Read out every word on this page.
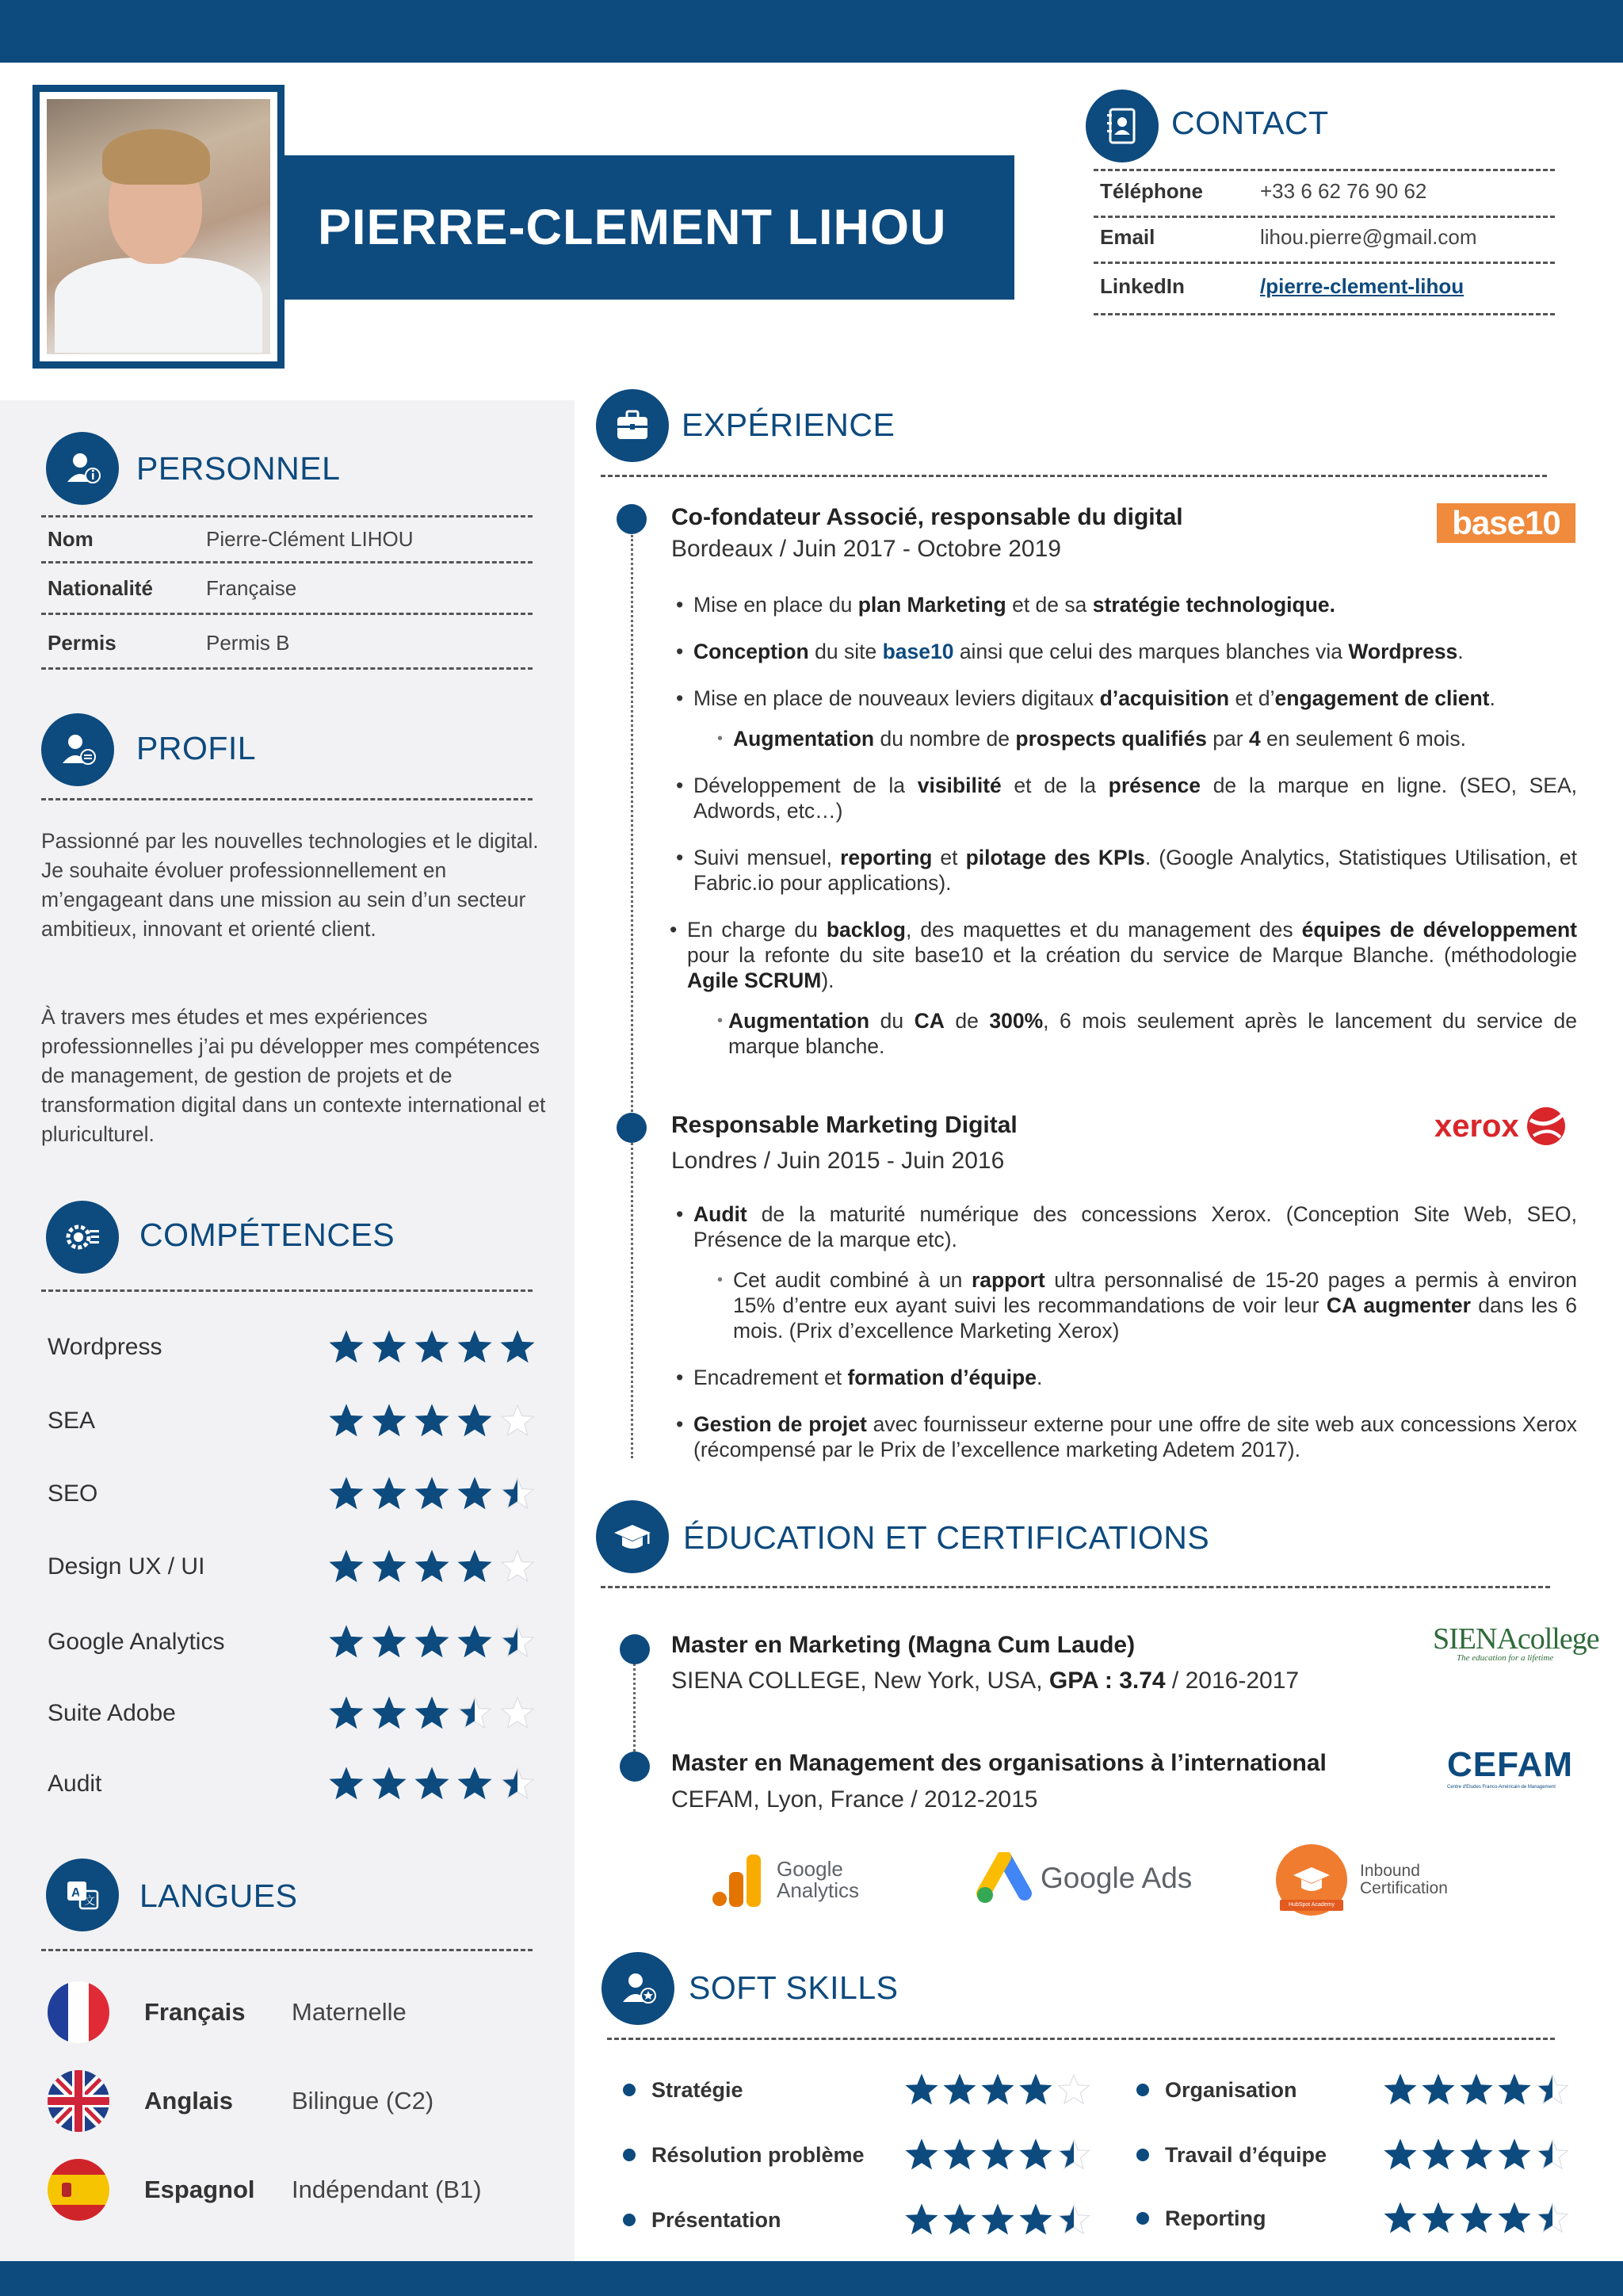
PIERRE-CLEMENT LIHOU
CONTACT
Téléphone	+33 6 62 76 90 62
Email	lihou.pierre@gmail.com
LinkedIn	/pierre-clement-lihou
PERSONNEL
Nom	Pierre-Clément LIHOU
Nationalité	Française
Permis	Permis B
PROFIL
Passionné par les nouvelles technologies et le digital. Je souhaite évoluer professionnellement en m’engageant dans une mission au sein d’un secteur ambitieux, innovant et orienté client.
À travers mes études et mes expériences professionnelles j’ai pu développer mes compétences de management, de gestion de projets et de transformation digital dans un contexte international et pluriculturel.
COMPÉTENCES
Wordpress
SEA
SEO
Design UX / UI
Google Analytics
Suite Adobe
Audit
A
文 LANGUES
Français Maternelle
Anglais Bilingue (C2)
Espagnol Indépendant (B1)
EXPÉRIENCE
Co-fondateur Associé, responsable du digital
Bordeaux / Juin 2017 - Octobre 2019
base10
• Mise en place du plan Marketing et de sa stratégie technologique.
• Conception du site base10 ainsi que celui des marques blanches via Wordpress.
• Mise en place de nouveaux leviers digitaux d’acquisition et d’engagement de client.
• Augmentation du nombre de prospects qualifiés par 4 en seulement 6 mois.
• Développement de la visibilité et de la présence de la marque en ligne. (SEO, SEA, Adwords, etc…)
• Suivi mensuel, reporting et pilotage des KPIs. (Google Analytics, Statistiques Utilisation, et Fabric.io pour applications).
• En charge du backlog, des maquettes et du management des équipes de développement pour la refonte du site base10 et la création du service de Marque Blanche. (méthodologie Agile SCRUM).
• Augmentation du CA de 300%, 6 mois seulement après le lancement du service de marque blanche.
Responsable Marketing Digital
Londres / Juin 2015 - Juin 2016
xerox
• Audit de la maturité numérique des concessions Xerox. (Conception Site Web, SEO, Présence de la marque etc).
• Cet audit combiné à un rapport ultra personnalisé de 15-20 pages a permis à environ 15% d’entre eux ayant suivi les recommandations de voir leur CA augmenter dans les 6 mois. (Prix d’excellence Marketing Xerox)
• Encadrement et formation d’équipe.
• Gestion de projet avec fournisseur externe pour une offre de site web aux concessions Xerox (récompensé par le Prix de l’excellence marketing Adetem 2017).
ÉDUCATION ET CERTIFICATIONS
Master en Marketing (Magna Cum Laude)
SIENA COLLEGE, New York, USA, GPA : 3.74 / 2016-2017
SIENAcollege
The education for a lifetime
Master en Management des organisations à l’international
CEFAM, Lyon, France / 2012-2015
CEFAM
Centre d'Etudes Franco-Américain de Management
Google
Analytics	Google Ads
HubSpot Academy
Inbound
Certification
SOFT SKILLS
Stratégie	Organisation
Résolution problème	Travail d’équipe
Présentation	Reporting
